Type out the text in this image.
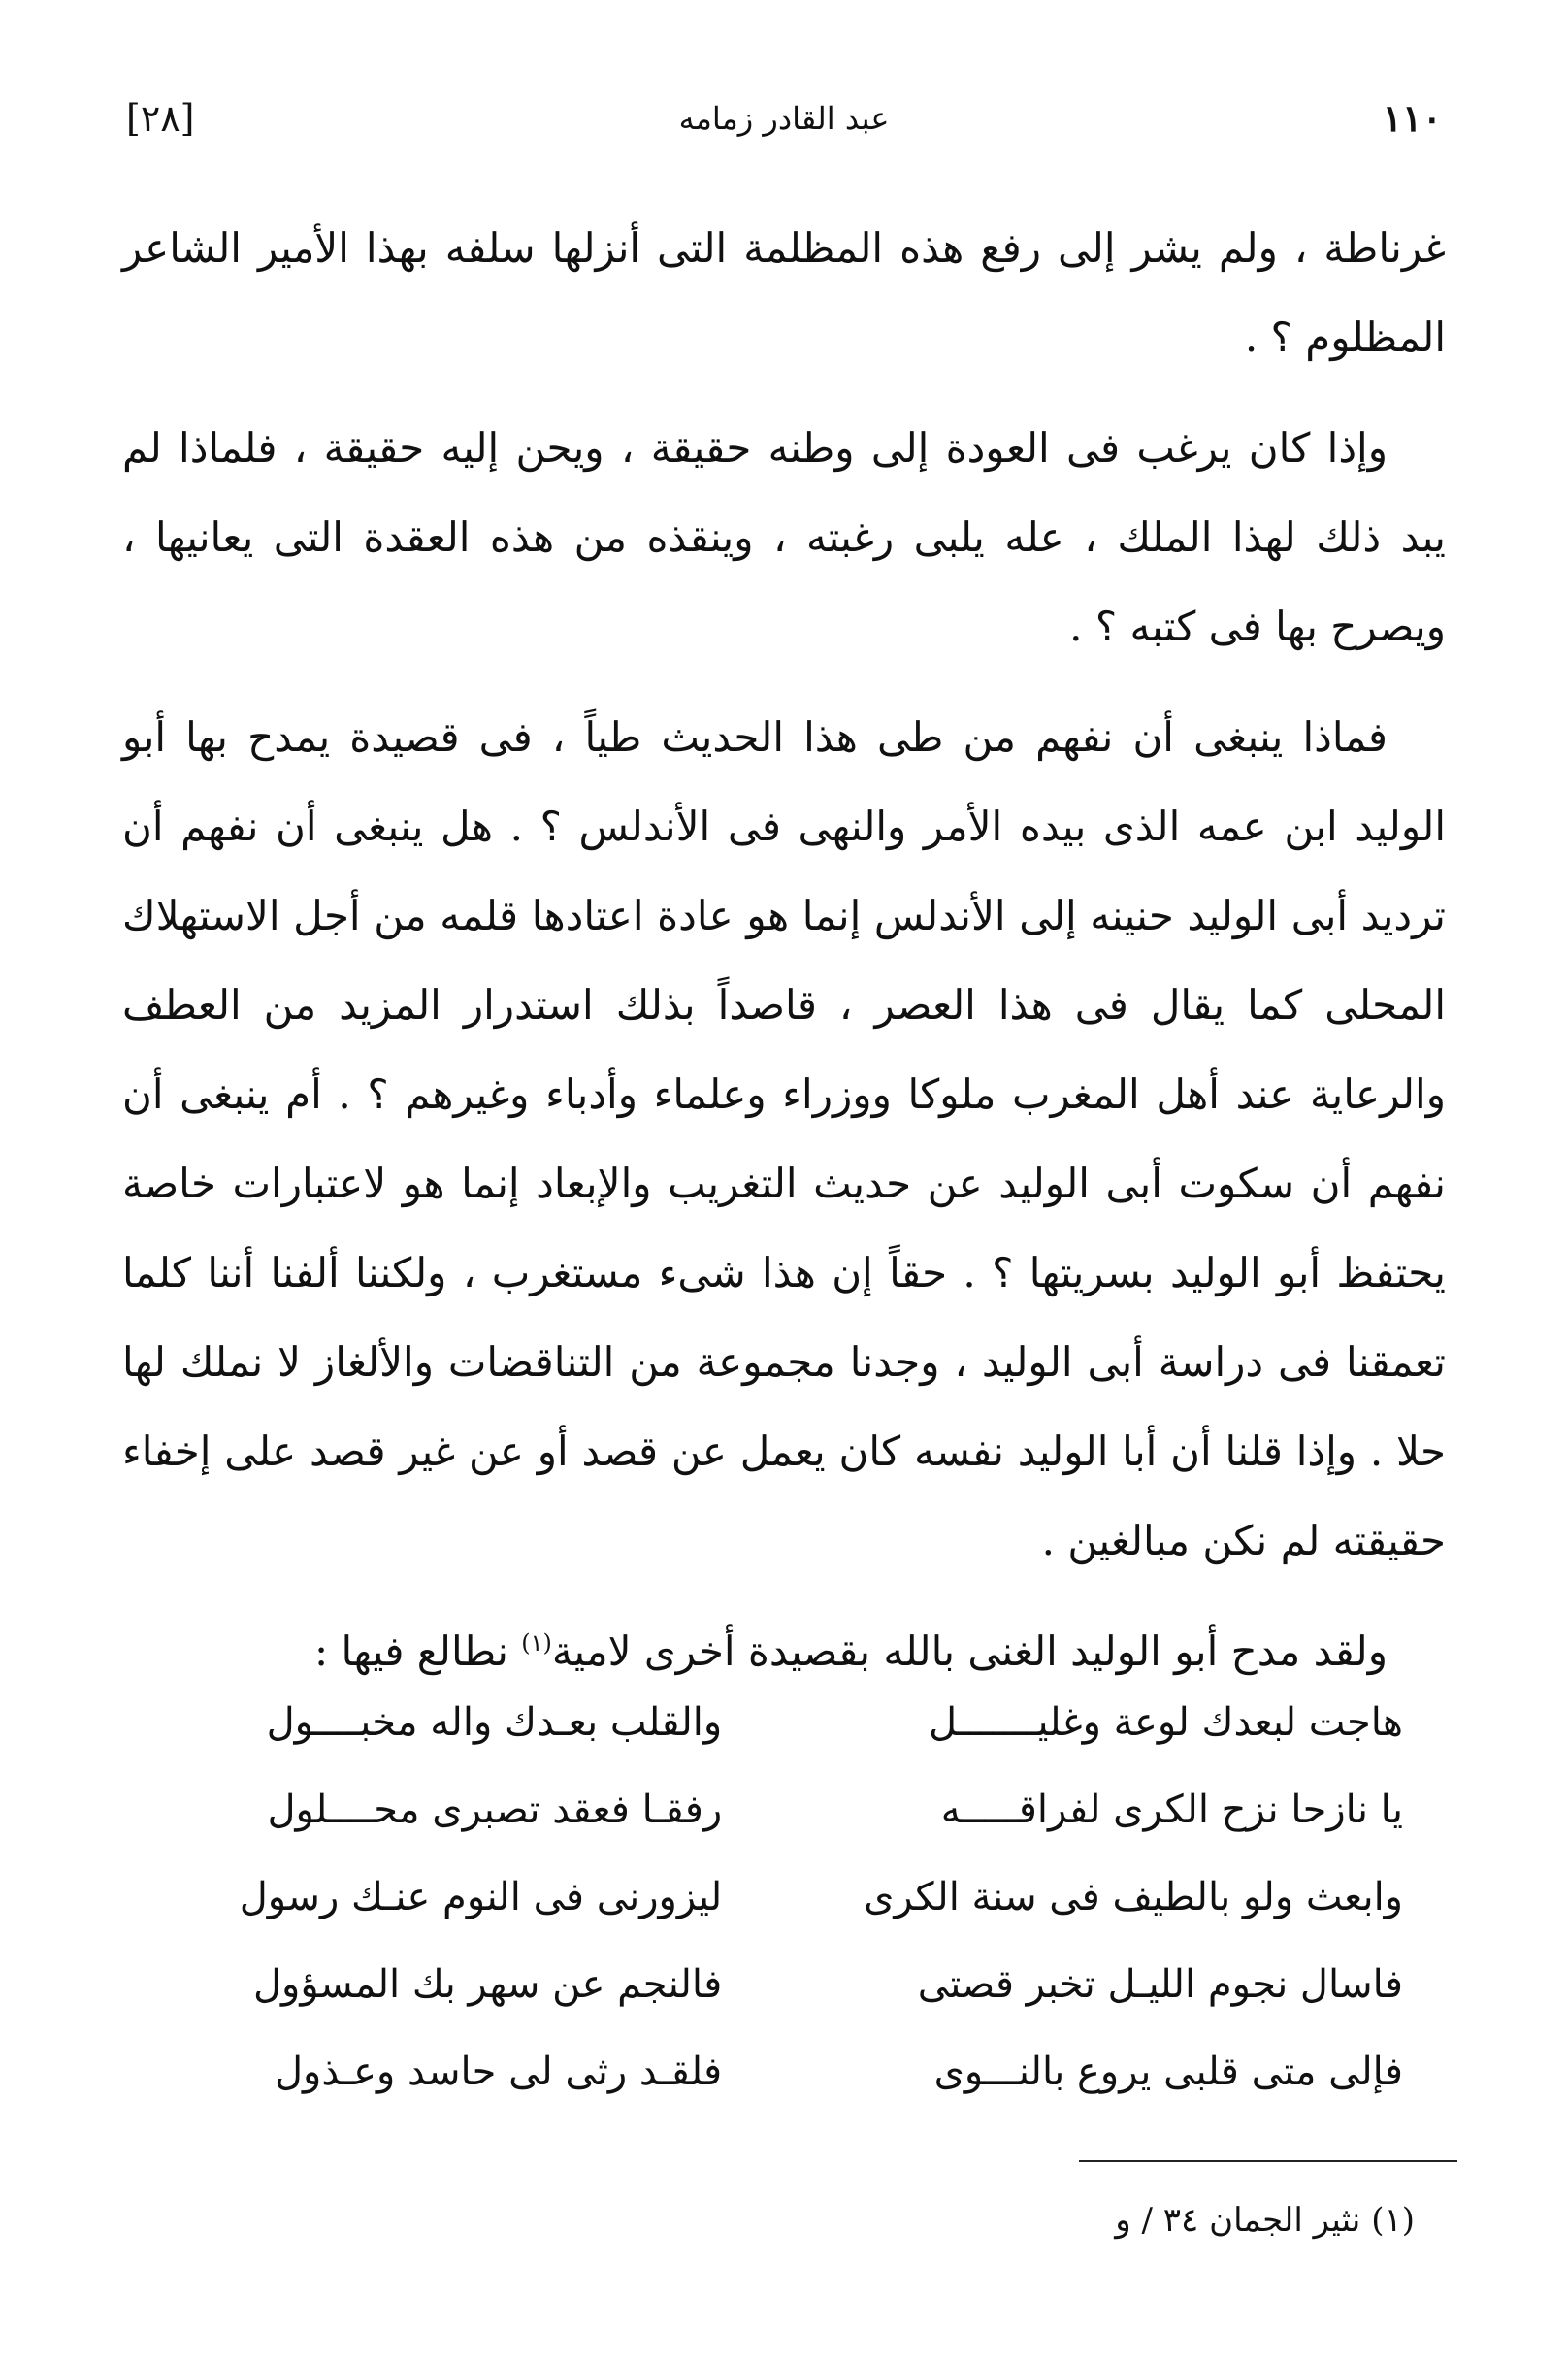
١١٠
عبد القادر زمامه
[٢٨]

غرناطة ، ولم يشر إلى رفع هذه المظلمة التى أنزلها سلفه بهذا الأمير الشاعر المظلوم ؟ .

وإذا كان يرغب فى العودة إلى وطنه حقيقة ، ويحن إليه حقيقة ، فلماذا لم يبد ذلك لهذا الملك ، عله يلبى رغبته ، وينقذه من هذه العقدة التى يعانيها ، ويصرح بها فى كتبه ؟ .

فماذا ينبغى أن نفهم من طى هذا الحديث طياً ، فى قصيدة يمدح بها أبو الوليد ابن عمه الذى بيده الأمر والنهى فى الأندلس ؟ . هل ينبغى أن نفهم أن ترديد أبى الوليد حنينه إلى الأندلس إنما هو عادة اعتادها قلمه من أجل الاستهلاك المحلى كما يقال فى هذا العصر ، قاصداً بذلك استدرار المزيد من العطف والرعاية عند أهل المغرب ملوكا ووزراء وعلماء وأدباء وغيرهم ؟ . أم ينبغى أن نفهم أن سكوت أبى الوليد عن حديث التغريب والإبعاد إنما هو لاعتبارات خاصة يحتفظ أبو الوليد بسريتها ؟ . حقاً إن هذا شىء مستغرب ، ولكننا ألفنا أننا كلما تعمقنا فى دراسة أبى الوليد ، وجدنا مجموعة من التناقضات والألغاز لا نملك لها حلا . وإذا قلنا أن أبا الوليد نفسه كان يعمل عن قصد أو عن غير قصد على إخفاء حقيقته لم نكن مبالغين .

ولقد مدح أبو الوليد الغنى بالله بقصيدة أخرى لامية$^{(١)}$ نطالع فيها :

هاجت لبعدك لوعة وغليـــــــل
والقلب بعـدك واله مخبــــول
يا نازحا نزح الكرى لفراقـــــه
رفقـا فعقد تصبرى محــــلول
وابعث ولو بالطيف فى سنة الكرى
ليزورنى فى النوم عنـك رسول
فاسال نجوم الليـل تخبر قصتى
فالنجم عن سهر بك المسؤول
فإلى متى قلبى يروع بالنـــوى
فلقـد رثى لى حاسد وعـذول
(١) نثير الجمان ٣٤ / و
